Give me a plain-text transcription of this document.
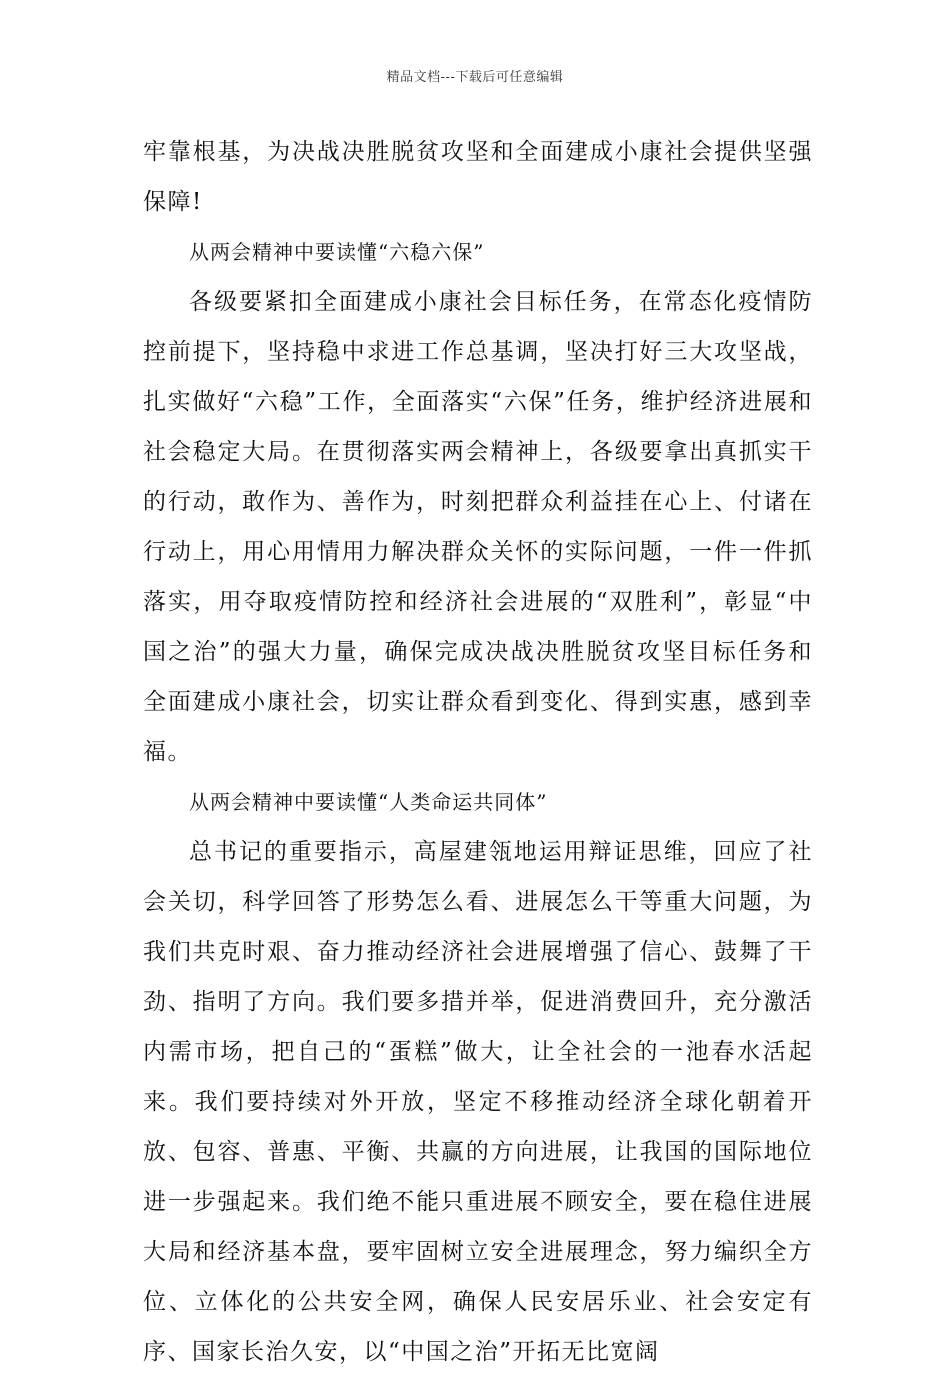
精品文档---下载后可任意编辑

牢靠根基，为决战决胜脱贫攻坚和全面建成小康社会提供坚强保障!

从两会精神中要读懂“六稳六保”

各级要紧扣全面建成小康社会目标任务，在常态化疫情防控前提下，坚持稳中求进工作总基调，坚决打好三大攻坚战，扎实做好“六稳”工作，全面落实“六保”任务，维护经济进展和社会稳定大局。在贯彻落实两会精神上，各级要拿出真抓实干的行动，敢作为、善作为，时刻把群众利益挂在心上、付诸在行动上，用心用情用力解决群众关怀的实际问题，一件一件抓落实，用夺取疫情防控和经济社会进展的“双胜利”，彰显“中国之治”的强大力量，确保完成决战决胜脱贫攻坚目标任务和全面建成小康社会，切实让群众看到变化、得到实惠，感到幸福。

从两会精神中要读懂“人类命运共同体”

总书记的重要指示，高屋建瓴地运用辩证思维，回应了社会关切，科学回答了形势怎么看、进展怎么干等重大问题，为我们共克时艰、奋力推动经济社会进展增强了信心、鼓舞了干劲、指明了方向。我们要多措并举，促进消费回升，充分激活内需市场，把自己的“蛋糕”做大，让全社会的一池春水活起来。我们要持续对外开放，坚定不移推动经济全球化朝着开放、包容、普惠、平衡、共赢的方向进展，让我国的国际地位进一步强起来。我们绝不能只重进展不顾安全，要在稳住进展大局和经济基本盘，要牢固树立安全进展理念，努力编织全方位、立体化的公共安全网，确保人民安居乐业、社会安定有序、国家长治久安，以“中国之治”开拓无比宽阔
